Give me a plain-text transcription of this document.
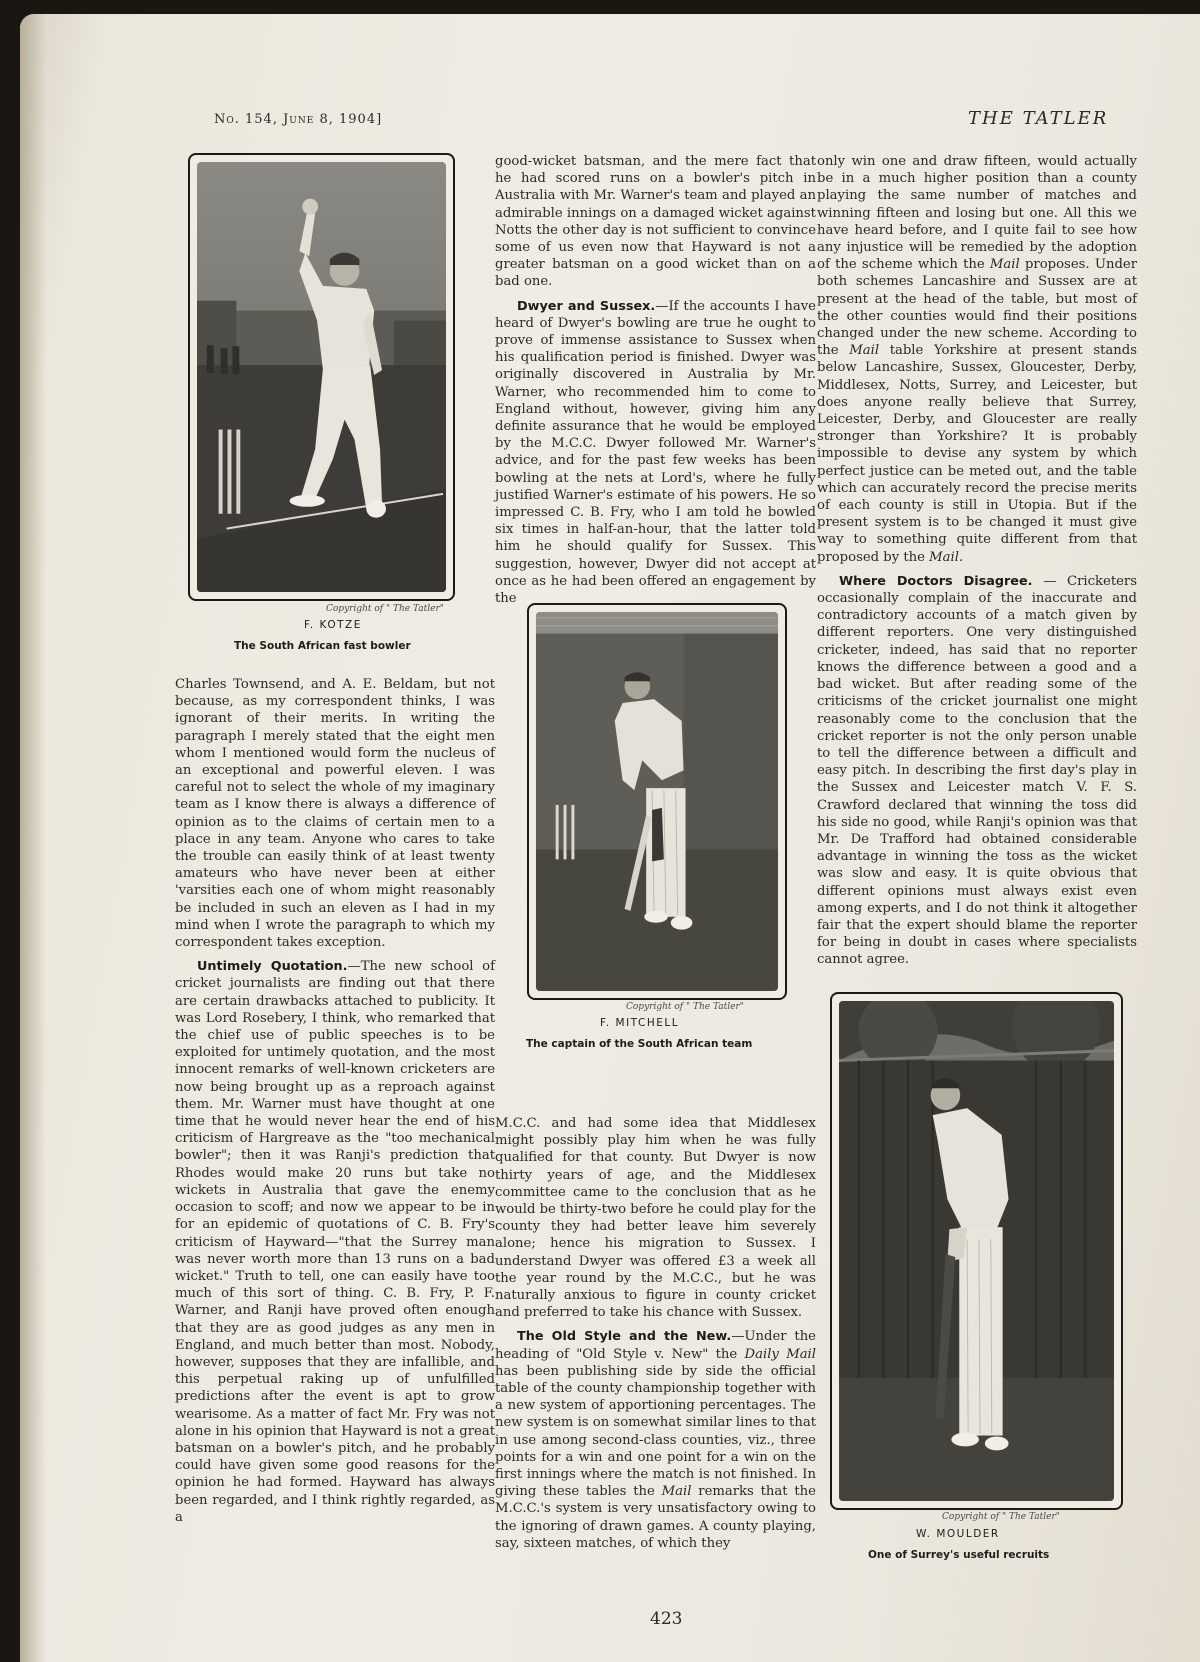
No. 154, June 8, 1904]	THE TATLER
Copyright of " The Tatler"
F. KOTZE
The South African fast bowler

Charles Townsend, and A. E. Beldam, but not because, as my correspondent thinks, I was ignorant of their merits. In writing the paragraph I merely stated that the eight men whom I mentioned would form the nucleus of an exceptional and powerful eleven. I was careful not to select the whole of my imaginary team as I know there is always a difference of opinion as to the claims of certain men to a place in any team. Anyone who cares to take the trouble can easily think of at least twenty amateurs who have never been at either 'varsities each one of whom might reasonably be included in such an eleven as I had in my mind when I wrote the paragraph to which my correspondent takes exception.

Untimely Quotation.—The new school of cricket journalists are finding out that there are certain drawbacks attached to publicity. It was Lord Rosebery, I think, who remarked that the chief use of public speeches is to be exploited for untimely quotation, and the most innocent remarks of well-known cricketers are now being brought up as a reproach against them. Mr. Warner must have thought at one time that he would never hear the end of his criticism of Hargreave as the "too mechanical bowler"; then it was Ranji's prediction that Rhodes would make 20 runs but take no wickets in Australia that gave the enemy occasion to scoff; and now we appear to be in for an epidemic of quotations of C. B. Fry's criticism of Hayward—"that the Surrey man was never worth more than 13 runs on a bad wicket." Truth to tell, one can easily have too much of this sort of thing. C. B. Fry, P. F. Warner, and Ranji have proved often enough that they are as good judges as any men in England, and much better than most. Nobody, however, supposes that they are infallible, and this perpetual raking up of unfulfilled predictions after the event is apt to grow wearisome. As a matter of fact Mr. Fry was not alone in his opinion that Hayward is not a great batsman on a bowler's pitch, and he probably could have given some good reasons for the opinion he had formed. Hayward has always been regarded, and I think rightly regarded, as a

good-wicket batsman, and the mere fact that he had scored runs on a bowler's pitch in Australia with Mr. Warner's team and played an admirable innings on a damaged wicket against Notts the other day is not sufficient to convince some of us even now that Hayward is not a greater batsman on a good wicket than on a bad one.

Dwyer and Sussex.—If the accounts I have heard of Dwyer's bowling are true he ought to prove of immense assistance to Sussex when his qualification period is finished. Dwyer was originally discovered in Australia by Mr. Warner, who recommended him to come to England without, however, giving him any definite assurance that he would be employed by the M.C.C. Dwyer followed Mr. Warner's advice, and for the past few weeks has been bowling at the nets at Lord's, where he fully justified Warner's estimate of his powers. He so impressed C. B. Fry, who I am told he bowled six times in half-an-hour, that the latter told him he should qualify for Sussex. This suggestion, however, Dwyer did not accept at once as he had been offered an engagement by the

Copyright of " The Tatler"
F. MITCHELL
The captain of the South African team

M.C.C. and had some idea that Middlesex might possibly play him when he was fully qualified for that county. But Dwyer is now thirty years of age, and the Middlesex committee came to the conclusion that as he would be thirty-two before he could play for the county they had better leave him severely alone; hence his migration to Sussex. I understand Dwyer was offered £3 a week all the year round by the M.C.C., but he was naturally anxious to figure in county cricket and preferred to take his chance with Sussex.

The Old Style and the New.—Under the heading of "Old Style v. New" the Daily Mail has been publishing side by side the official table of the county championship together with a new system of apportioning percentages. The new system is on somewhat similar lines to that in use among second-class counties, viz., three points for a win and one point for a win on the first innings where the match is not finished. In giving these tables the Mail remarks that the M.C.C.'s system is very unsatisfactory owing to the ignoring of drawn games. A county playing, say, sixteen matches, of which they

only win one and draw fifteen, would actually be in a much higher position than a county playing the same number of matches and winning fifteen and losing but one. All this we have heard before, and I quite fail to see how any injustice will be remedied by the adoption of the scheme which the Mail proposes. Under both schemes Lancashire and Sussex are at present at the head of the table, but most of the other counties would find their positions changed under the new scheme. According to the Mail table Yorkshire at present stands below Lancashire, Sussex, Gloucester, Derby, Middlesex, Notts, Surrey, and Leicester, but does anyone really believe that Surrey, Leicester, Derby, and Gloucester are really stronger than Yorkshire? It is probably impossible to devise any system by which perfect justice can be meted out, and the table which can accurately record the precise merits of each county is still in Utopia. But if the present system is to be changed it must give way to something quite different from that proposed by the Mail.

Where Doctors Disagree. — Cricketers occasionally complain of the inaccurate and contradictory accounts of a match given by different reporters. One very distinguished cricketer, indeed, has said that no reporter knows the difference between a good and a bad wicket. But after reading some of the criticisms of the cricket journalist one might reasonably come to the conclusion that the cricket reporter is not the only person unable to tell the difference between a difficult and easy pitch. In describing the first day's play in the Sussex and Leicester match V. F. S. Crawford declared that winning the toss did his side no good, while Ranji's opinion was that Mr. De Trafford had obtained considerable advantage in winning the toss as the wicket was slow and easy. It is quite obvious that different opinions must always exist even among experts, and I do not think it altogether fair that the expert should blame the reporter for being in doubt in cases where specialists cannot agree.

Copyright of " The Tatler"
W. MOULDER
One of Surrey's useful recruits
423
